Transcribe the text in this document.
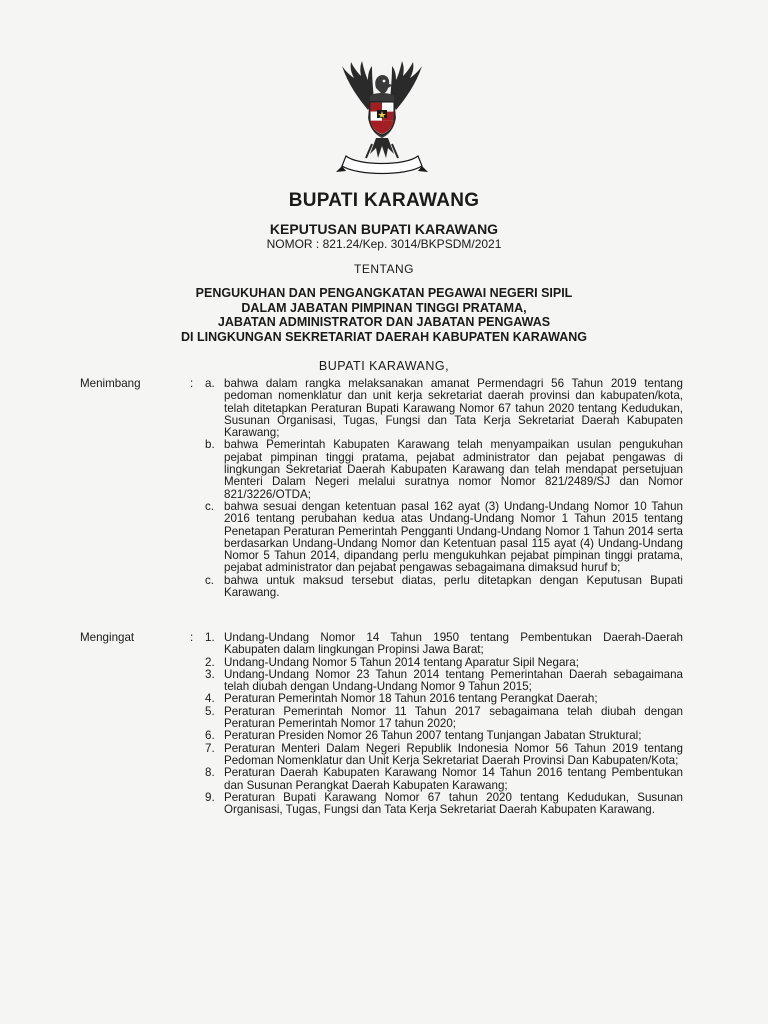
BUPATI KARAWANG
KEPUTUSAN BUPATI KARAWANG
NOMOR : 821.24/Kep. 3014/BKPSDM/2021
TENTANG
PENGUKUHAN DAN PENGANGKATAN PEGAWAI NEGERI SIPIL
DALAM JABATAN PIMPINAN TINGGI PRATAMA,
JABATAN ADMINISTRATOR DAN JABATAN PENGAWAS
DI LINGKUNGAN SEKRETARIAT DAERAH KABUPATEN KARAWANG
BUPATI KARAWANG,
Menimbang	: a. bahwa dalam rangka melaksanakan amanat Permendagri 56 Tahun 2019 tentang pedoman nomenklatur dan unit kerja sekretariat daerah provinsi dan kabupaten/kota, telah ditetapkan Peraturan Bupati Karawang Nomor 67 tahun 2020 tentang Kedudukan, Susunan Organisasi, Tugas, Fungsi dan Tata Kerja Sekretariat Daerah Kabupaten Karawang;
b. bahwa Pemerintah Kabupaten Karawang telah menyampaikan usulan pengukuhan pejabat pimpinan tinggi pratama, pejabat administrator dan pejabat pengawas di lingkungan Sekretariat Daerah Kabupaten Karawang dan telah mendapat persetujuan Menteri Dalam Negeri melalui suratnya nomor Nomor 821/2489/SJ dan Nomor 821/3226/OTDA;
c. bahwa sesuai dengan ketentuan pasal 162 ayat (3) Undang-Undang Nomor 10 Tahun 2016 tentang perubahan kedua atas Undang-Undang Nomor 1 Tahun 2015 tentang Penetapan Peraturan Pemerintah Pengganti Undang-Undang Nomor 1 Tahun 2014 serta berdasarkan Undang-Undang Nomor dan Ketentuan pasal 115 ayat (4) Undang-Undang Nomor 5 Tahun 2014, dipandang perlu mengukuhkan pejabat pimpinan tinggi pratama, pejabat administrator dan pejabat pengawas sebagaimana dimaksud huruf b;
c. bahwa untuk maksud tersebut diatas, perlu ditetapkan dengan Keputusan Bupati Karawang.
Mengingat	: 1. Undang-Undang Nomor 14 Tahun 1950 tentang Pembentukan Daerah-Daerah Kabupaten dalam lingkungan Propinsi Jawa Barat;
2. Undang-Undang Nomor 5 Tahun 2014 tentang Aparatur Sipil Negara;
3. Undang-Undang Nomor 23 Tahun 2014 tentang Pemerintahan Daerah sebagaimana telah diubah dengan Undang-Undang Nomor 9 Tahun 2015;
4. Peraturan Pemerintah Nomor 18 Tahun 2016 tentang Perangkat Daerah;
5. Peraturan Pemerintah Nomor 11 Tahun 2017 sebagaimana telah diubah dengan Peraturan Pemerintah Nomor 17 tahun 2020;
6. Peraturan Presiden Nomor 26 Tahun 2007 tentang Tunjangan Jabatan Struktural;
7. Peraturan Menteri Dalam Negeri Republik Indonesia Nomor 56 Tahun 2019 tentang Pedoman Nomenklatur dan Unit Kerja Sekretariat Daerah Provinsi Dan Kabupaten/Kota;
8. Peraturan Daerah Kabupaten Karawang Nomor 14 Tahun 2016 tentang Pembentukan dan Susunan Perangkat Daerah Kabupaten Karawang;
9. Peraturan Bupati Karawang Nomor 67 tahun 2020 tentang Kedudukan, Susunan Organisasi, Tugas, Fungsi dan Tata Kerja Sekretariat Daerah Kabupaten Karawang.
